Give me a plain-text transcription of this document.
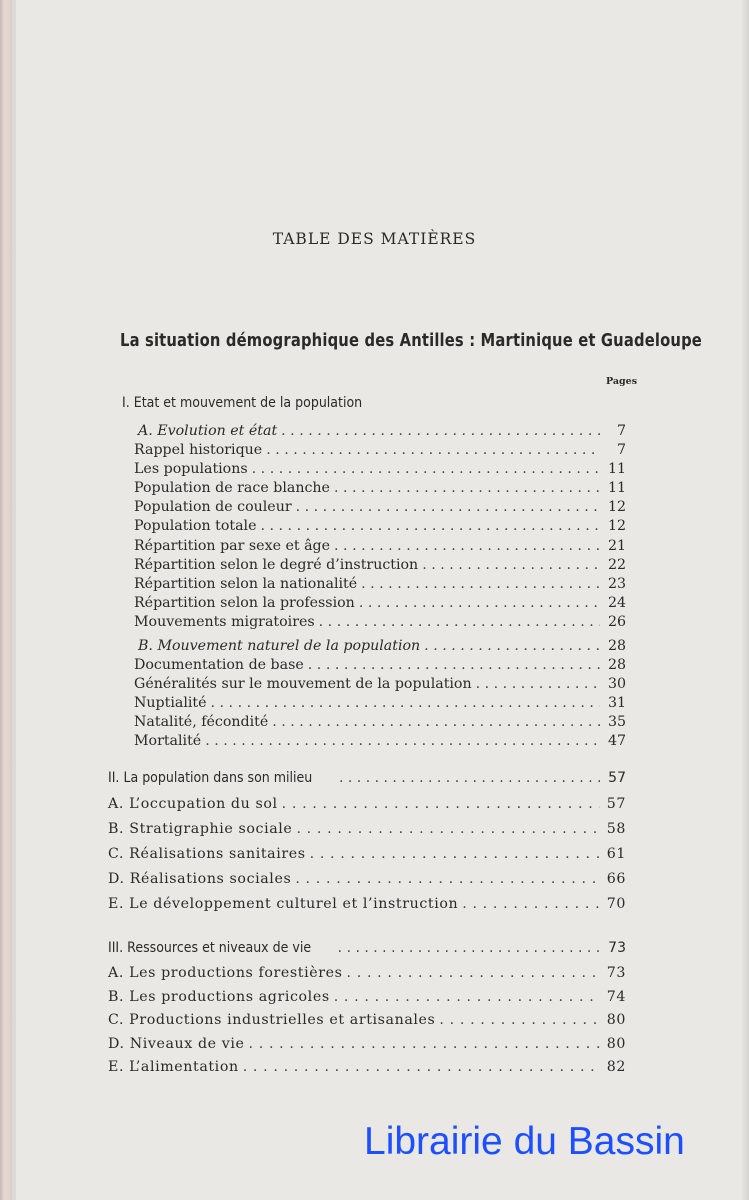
TABLE DES MATIÈRES
La situation démographique des Antilles : Martinique et Guadeloupe
Pages
I. Etat et mouvement de la population
A. Evolution et état . . .	7
Rappel historique . . .	7
Les populations . . .	11
Population de race blanche . . .	11
Population de couleur . . .	12
Population totale . . .	12
Répartition par sexe et âge . . .	21
Répartition selon le degré d’instruction . . .	22
Répartition selon la nationalité . . .	23
Répartition selon la profession . . .	24
Mouvements migratoires . . .	26
B. Mouvement naturel de la population . . .	28
Documentation de base . . .	28
Généralités sur le mouvement de la population . . .	30
Nuptialité . . .	31
Natalité, fécondité . . .	35
Mortalité . . .	47
II. La population dans son milieu . . .	57
A. L’occupation du sol . . .	57
B. Stratigraphie sociale . . .	58
C. Réalisations sanitaires . . .	61
D. Réalisations sociales . . .	66
E. Le développement culturel et l’instruction . . .	70
III. Ressources et niveaux de vie . . .	73
A. Les productions forestières . . .	73
B. Les productions agricoles . . .	74
C. Productions industrielles et artisanales . . .	80
D. Niveaux de vie . . .	80
E. L’alimentation . . .	82
Librairie du Bassin
